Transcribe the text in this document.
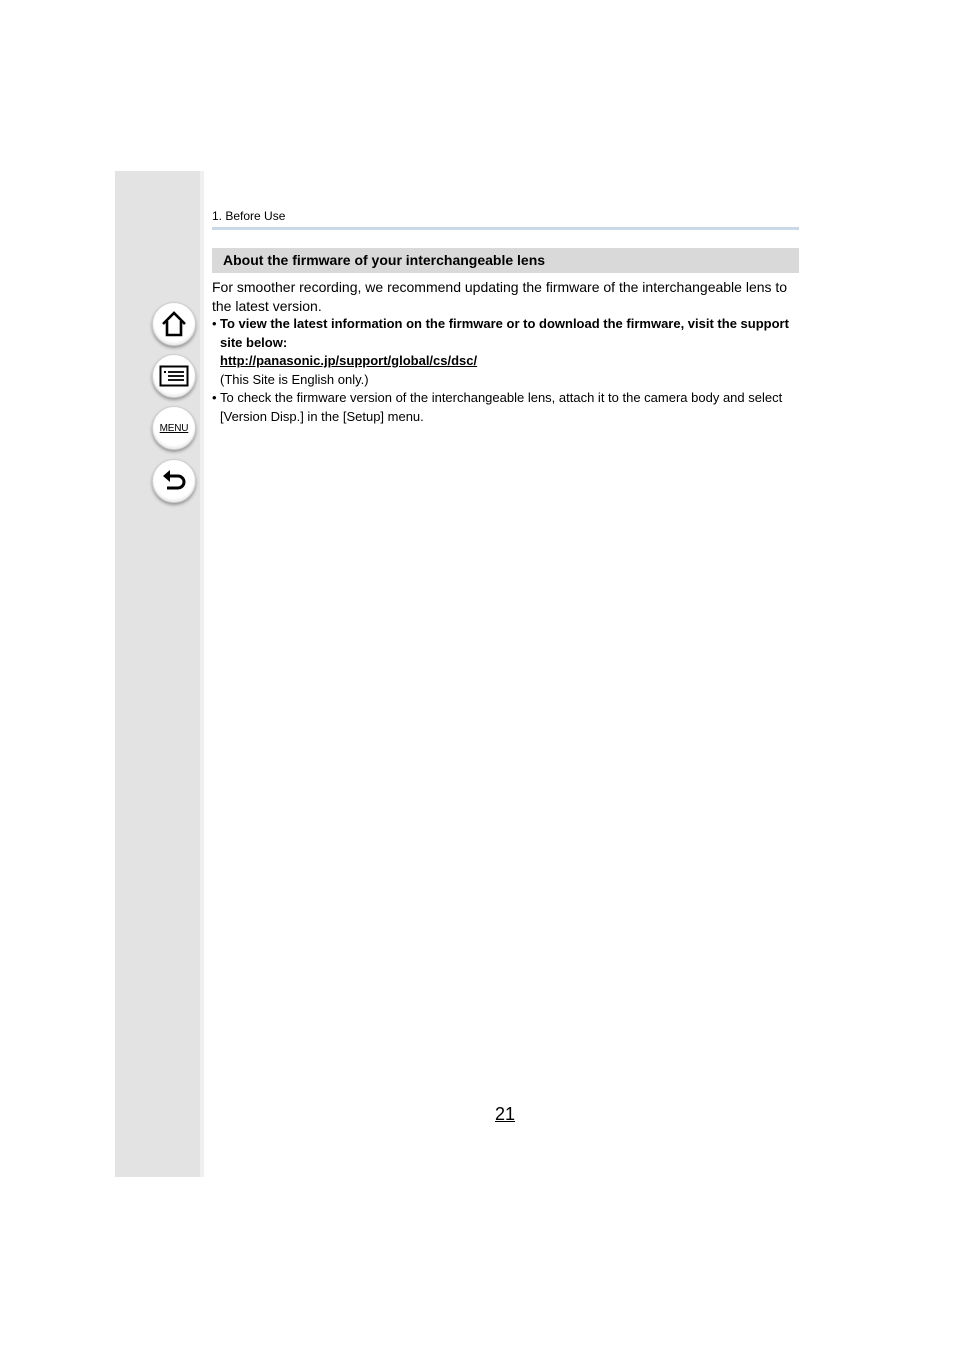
MENU
1. Before Use
About the firmware of your interchangeable lens
For smoother recording, we recommend updating the firmware of the interchangeable lens to the latest version.
• To view the latest information on the firmware or to download the firmware, visit the support site below:
http://panasonic.jp/support/global/cs/dsc/
(This Site is English only.)
• To check the firmware version of the interchangeable lens, attach it to the camera body and select [Version Disp.] in the [Setup] menu.
21
